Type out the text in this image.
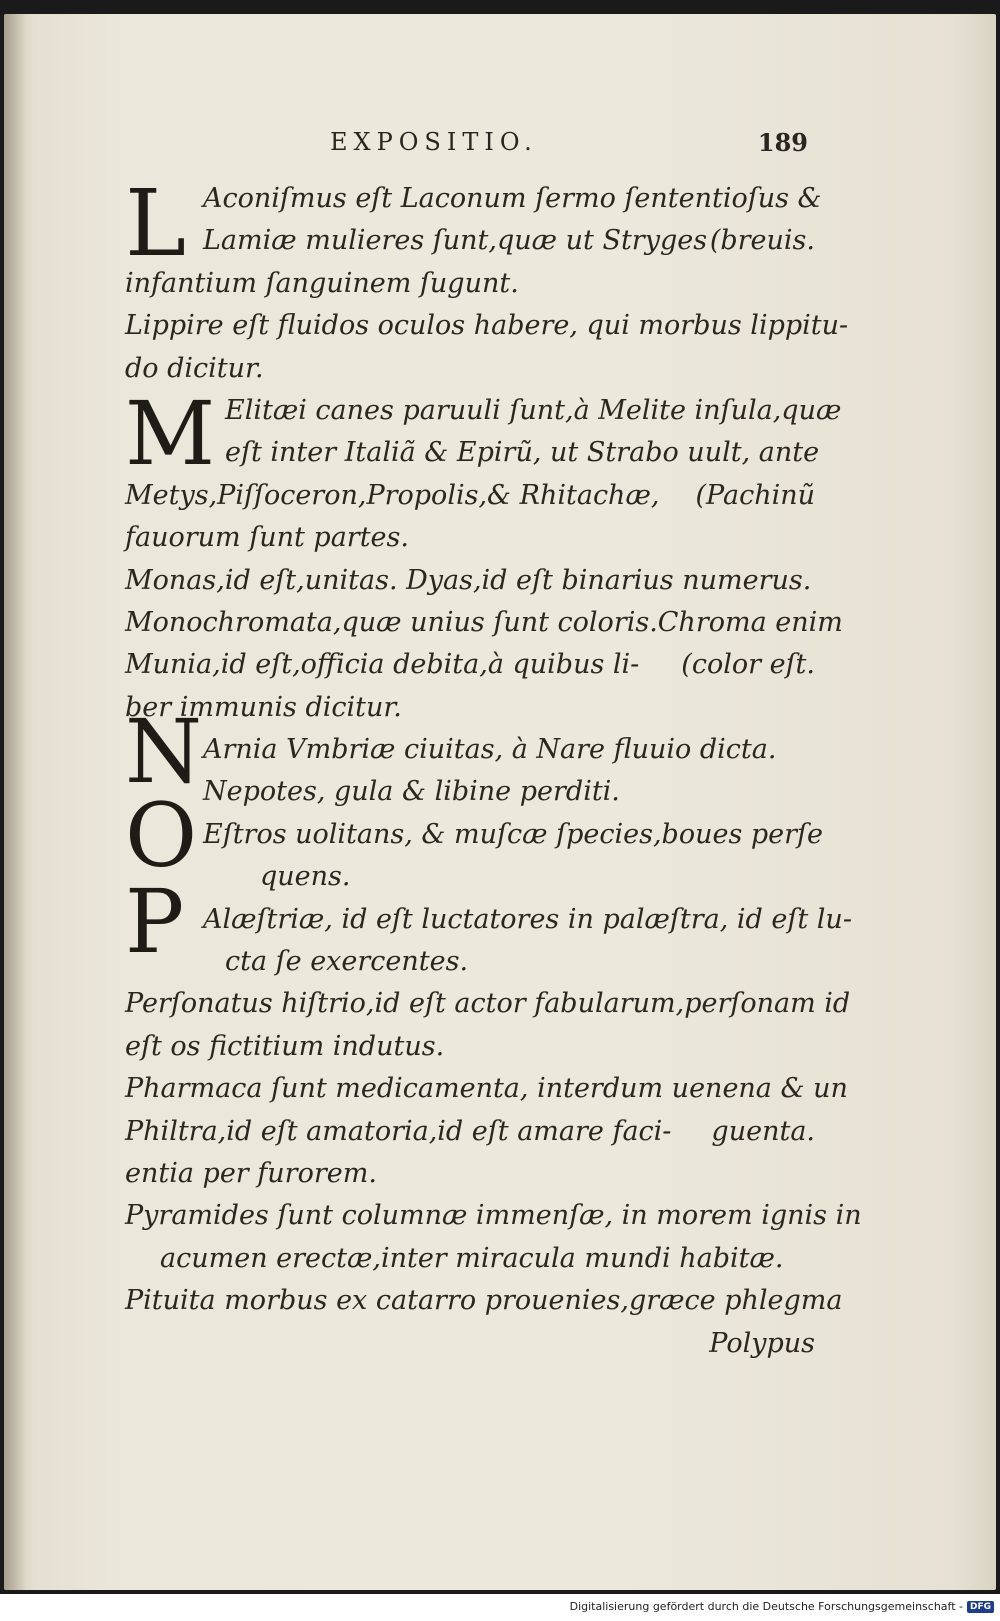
EXPOSITIO.	189
L
M
N
O
P
Aconiſmus eſt Laconum ſermo ſententioſus &
Lamiæ mulieres ſunt,quæ ut Stryges (breuis.
infantium ſanguinem ſugunt.
Lippire eſt fluidos oculos habere, qui morbus lippitu-
do dicitur.
Elitæi canes paruuli ſunt,à Melite inſula,quæ
eſt inter Italiã & Epirũ, ut Strabo uult, ante
Metys,Piſſoceron,Propolis,& Rhitachæ, (Pachinũ
fauorum ſunt partes.
Monas,id eſt,unitas. Dyas,id eſt binarius numerus.
Monochromata,quæ unius ſunt coloris.Chroma enim
Munia,id eſt,officia debita,à quibus li- (color eſt.
ber immunis dicitur.
Arnia Vmbriæ ciuitas, à Nare fluuio dicta.
Nepotes, gula & libine perditi.
Eſtros uolitans, & muſcæ ſpecies,boues perſe
quens.
Alæſtriæ, id eſt luctatores in palæſtra, id eſt lu-
cta ſe exercentes.
Perſonatus hiſtrio,id eſt actor fabularum,perſonam id
eſt os fictitium indutus.
Pharmaca ſunt medicamenta, interdum uenena & un
Philtra,id eſt amatoria,id eſt amare faci- guenta.
entia per furorem.
Pyramides ſunt columnæ immenſæ, in morem ignis in
acumen erectæ,inter miracula mundi habitæ.
Pituita morbus ex catarro prouenies,græce phlegma
Polypus
Digitalisierung gefördert durch die Deutsche Forschungsgemeinschaft - DFG
